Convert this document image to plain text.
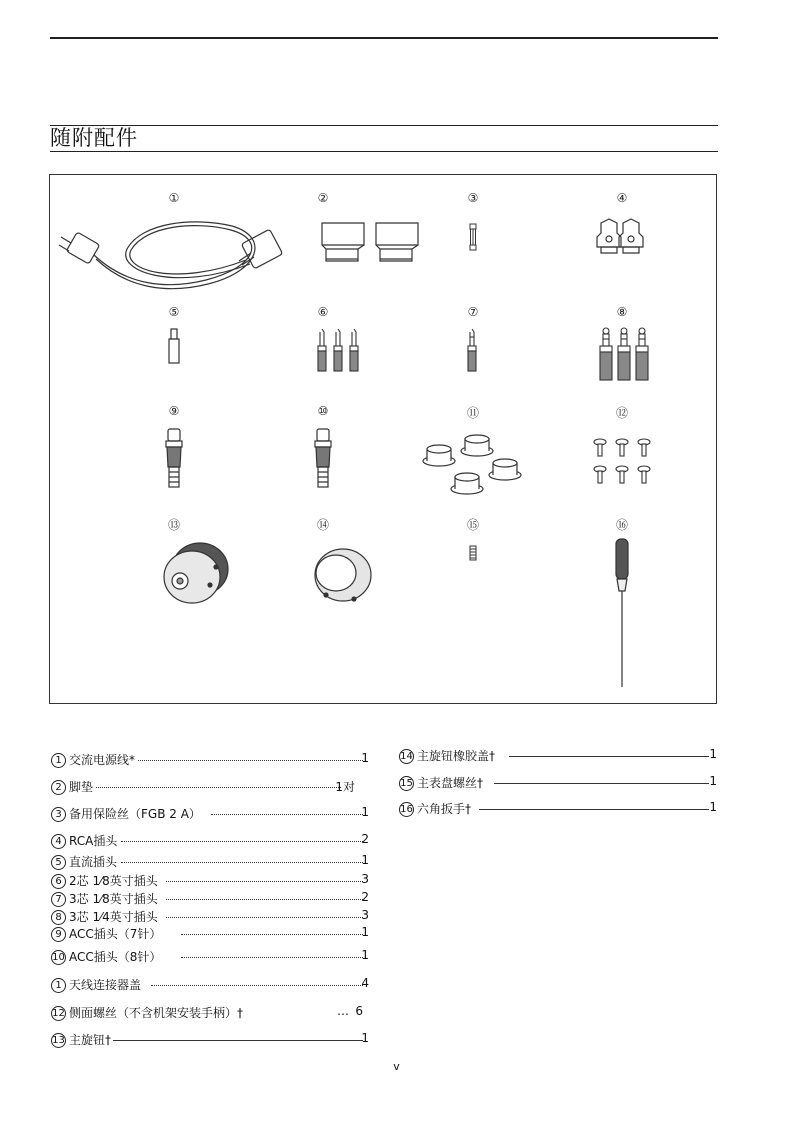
随附配件
①	②	③	④
⑤	⑥	⑦	⑧
⑨	⑩	⑪	⑫
⑬	⑭	⑮	⑯
1 交流电源线*	1
2 脚垫	1对
3 备用保险丝（FGB 2 A）	1
4 RCA插头	2
5 直流插头	1
6 2芯 1⁄8英寸插头	3
7 3芯 1⁄8英寸插头	2
8 3芯 1⁄4英寸插头	3
9 ACC插头（7针）	1
10 ACC插头（8针）	1
1 天线连接器盖	4
12 侧面螺丝（不含机架安装手柄）†	… 6
13 主旋钮†	1
14 主旋钮橡胶盖†	1
15 主表盘螺丝†	1
16 六角扳手†	1
v
